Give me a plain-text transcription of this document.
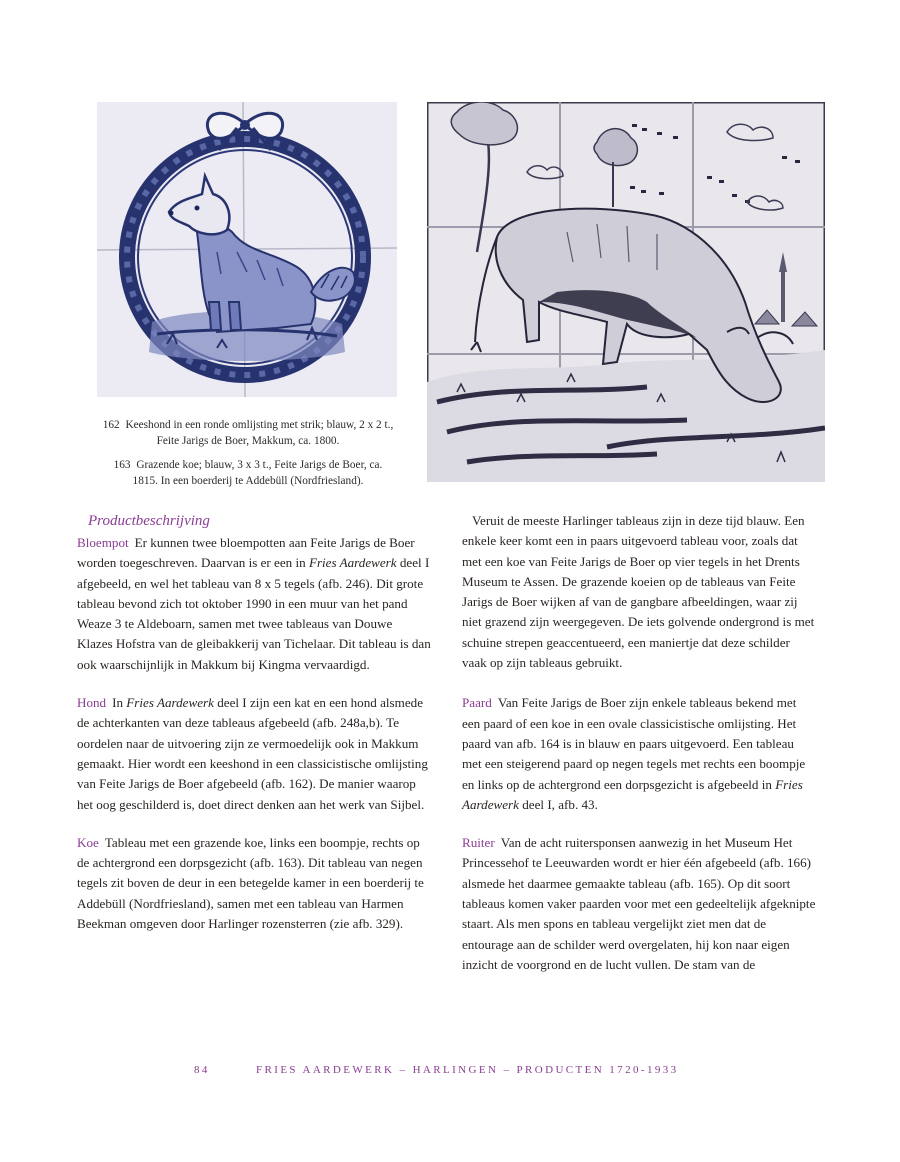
162 Keeshond in een ronde omlijsting met strik; blauw, 2 x 2 t., Feite Jarigs de Boer, Makkum, ca. 1800.

163 Grazende koe; blauw, 3 x 3 t., Feite Jarigs de Boer, ca. 1815. In een boerderij te Addebüll (Nordfriesland).

Productbeschrijving

Bloempot Er kunnen twee bloempotten aan Feite Jarigs de Boer worden toegeschreven. Daarvan is er een in Fries Aardewerk deel I afgebeeld, en wel het tableau van 8 x 5 tegels (afb. 246). Dit grote tableau bevond zich tot oktober 1990 in een muur van het pand Weaze 3 te Aldeboarn, samen met twee tableaus van Douwe Klazes Hofstra van de gleibakkerij van Tichelaar. Dit tableau is dan ook waarschijnlijk in Makkum bij Kingma vervaardigd.

Hond In Fries Aardewerk deel I zijn een kat en een hond alsmede de achterkanten van deze tableaus afgebeeld (afb. 248a,b). Te oordelen naar de uitvoering zijn ze vermoedelijk ook in Makkum gemaakt. Hier wordt een keeshond in een classicistische omlijsting van Feite Jarigs de Boer afgebeeld (afb. 162). De manier waarop het oog geschilderd is, doet direct denken aan het werk van Sijbel.

Koe Tableau met een grazende koe, links een boompje, rechts op de achtergrond een dorpsgezicht (afb. 163). Dit tableau van negen tegels zit boven de deur in een betegelde kamer in een boerderij te Addebüll (Nordfriesland), samen met een tableau van Harmen Beekman omgeven door Harlinger rozensterren (zie afb. 329).

Veruit de meeste Harlinger tableaus zijn in deze tijd blauw. Een enkele keer komt een in paars uitgevoerd tableau voor, zoals dat met een koe van Feite Jarigs de Boer op vier tegels in het Drents Museum te Assen. De grazende koeien op de tableaus van Feite Jarigs de Boer wijken af van de gangbare afbeeldingen, waar zij niet grazend zijn weergegeven. De iets golvende ondergrond is met schuine strepen geaccentueerd, een maniertje dat deze schilder vaak op zijn tableaus gebruikt.

Paard Van Feite Jarigs de Boer zijn enkele tableaus bekend met een paard of een koe in een ovale classicistische omlijsting. Het paard van afb. 164 is in blauw en paars uitgevoerd. Een tableau met een steigerend paard op negen tegels met rechts een boompje en links op de achtergrond een dorpsgezicht is afgebeeld in Fries Aardewerk deel I, afb. 43.

Ruiter Van de acht ruitersponsen aanwezig in het Museum Het Princessehof te Leeuwarden wordt er hier één afgebeeld (afb. 166) alsmede het daarmee gemaakte tableau (afb. 165). Op dit soort tableaus komen vaker paarden voor met een gedeeltelijk afgeknipte staart. Als men spons en tableau vergelijkt ziet men dat de entourage aan de schilder werd overgelaten, hij kon naar eigen inzicht de voorgrond en de lucht vullen. De stam van de

84	FRIES AARDEWERK – HARLINGEN – PRODUCTEN 1720-1933
